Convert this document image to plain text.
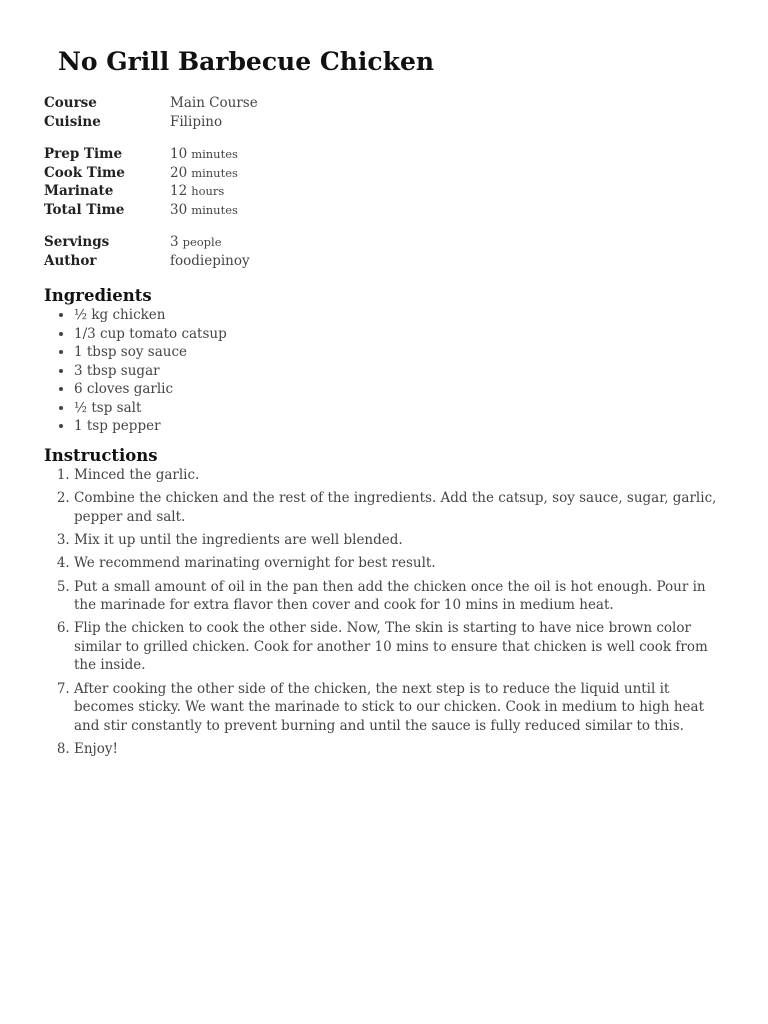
No Grill Barbecue Chicken
Course	Main Course
Cuisine	Filipino
Prep Time	10 minutes
Cook Time	20 minutes
Marinate	12 hours
Total Time	30 minutes
Servings	3 people
Author	foodiepinoy
Ingredients
• ½ kg chicken
• 1/3 cup tomato catsup
• 1 tbsp soy sauce
• 3 tbsp sugar
• 6 cloves garlic
• ½ tsp salt
• 1 tsp pepper
Instructions
1. Minced the garlic.
2. Combine the chicken and the rest of the ingredients. Add the catsup, soy sauce, sugar, garlic, pepper and salt.
3. Mix it up until the ingredients are well blended.
4. We recommend marinating overnight for best result.
5. Put a small amount of oil in the pan then add the chicken once the oil is hot enough. Pour in the marinade for extra flavor then cover and cook for 10 mins in medium heat.
6. Flip the chicken to cook the other side. Now, The skin is starting to have nice brown color similar to grilled chicken. Cook for another 10 mins to ensure that chicken is well cook from the inside.
7. After cooking the other side of the chicken, the next step is to reduce the liquid until it becomes sticky. We want the marinade to stick to our chicken. Cook in medium to high heat and stir constantly to prevent burning and until the sauce is fully reduced similar to this.
8. Enjoy!
